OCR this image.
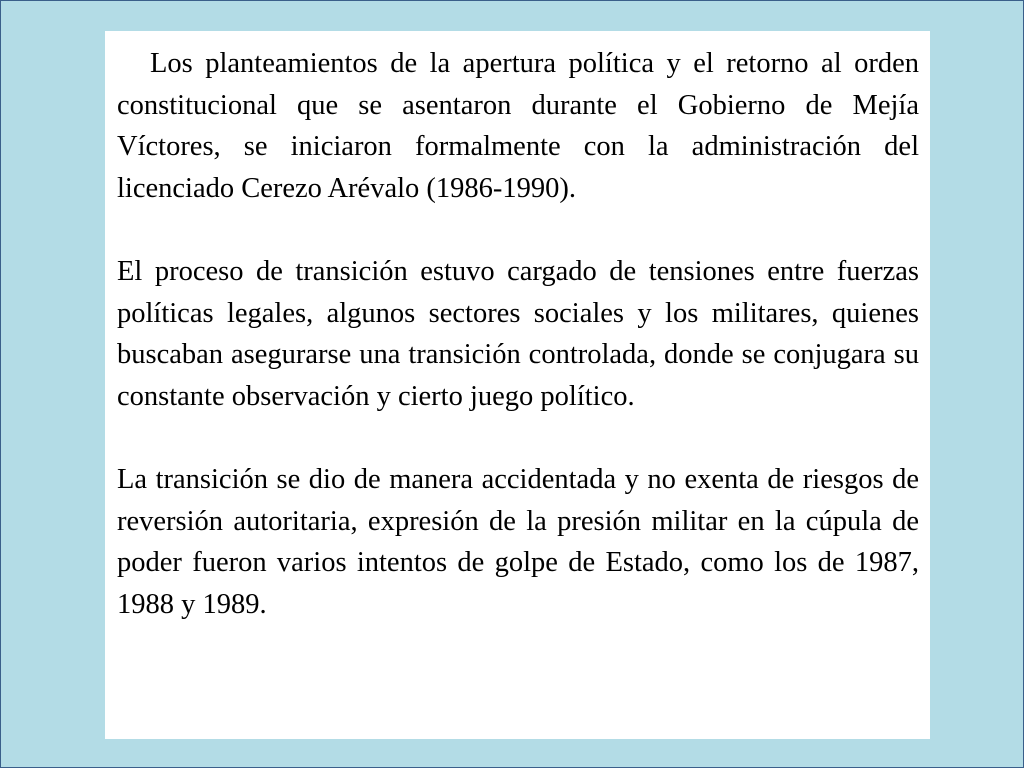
Los planteamientos de la apertura política y el retorno al orden constitucional que se asentaron durante el Gobierno de Mejía Víctores, se iniciaron formalmente con la administración del licenciado Cerezo Arévalo (1986-1990).

El proceso de transición estuvo cargado de tensiones entre fuerzas políticas legales, algunos sectores sociales y los militares, quienes buscaban asegurarse una transición controlada, donde se conjugara su constante observación y cierto juego político.

La transición se dio de manera accidentada y no exenta de riesgos de reversión autoritaria, expresión de la presión militar en la cúpula de poder fueron varios intentos de golpe de Estado, como los de 1987, 1988 y 1989.
